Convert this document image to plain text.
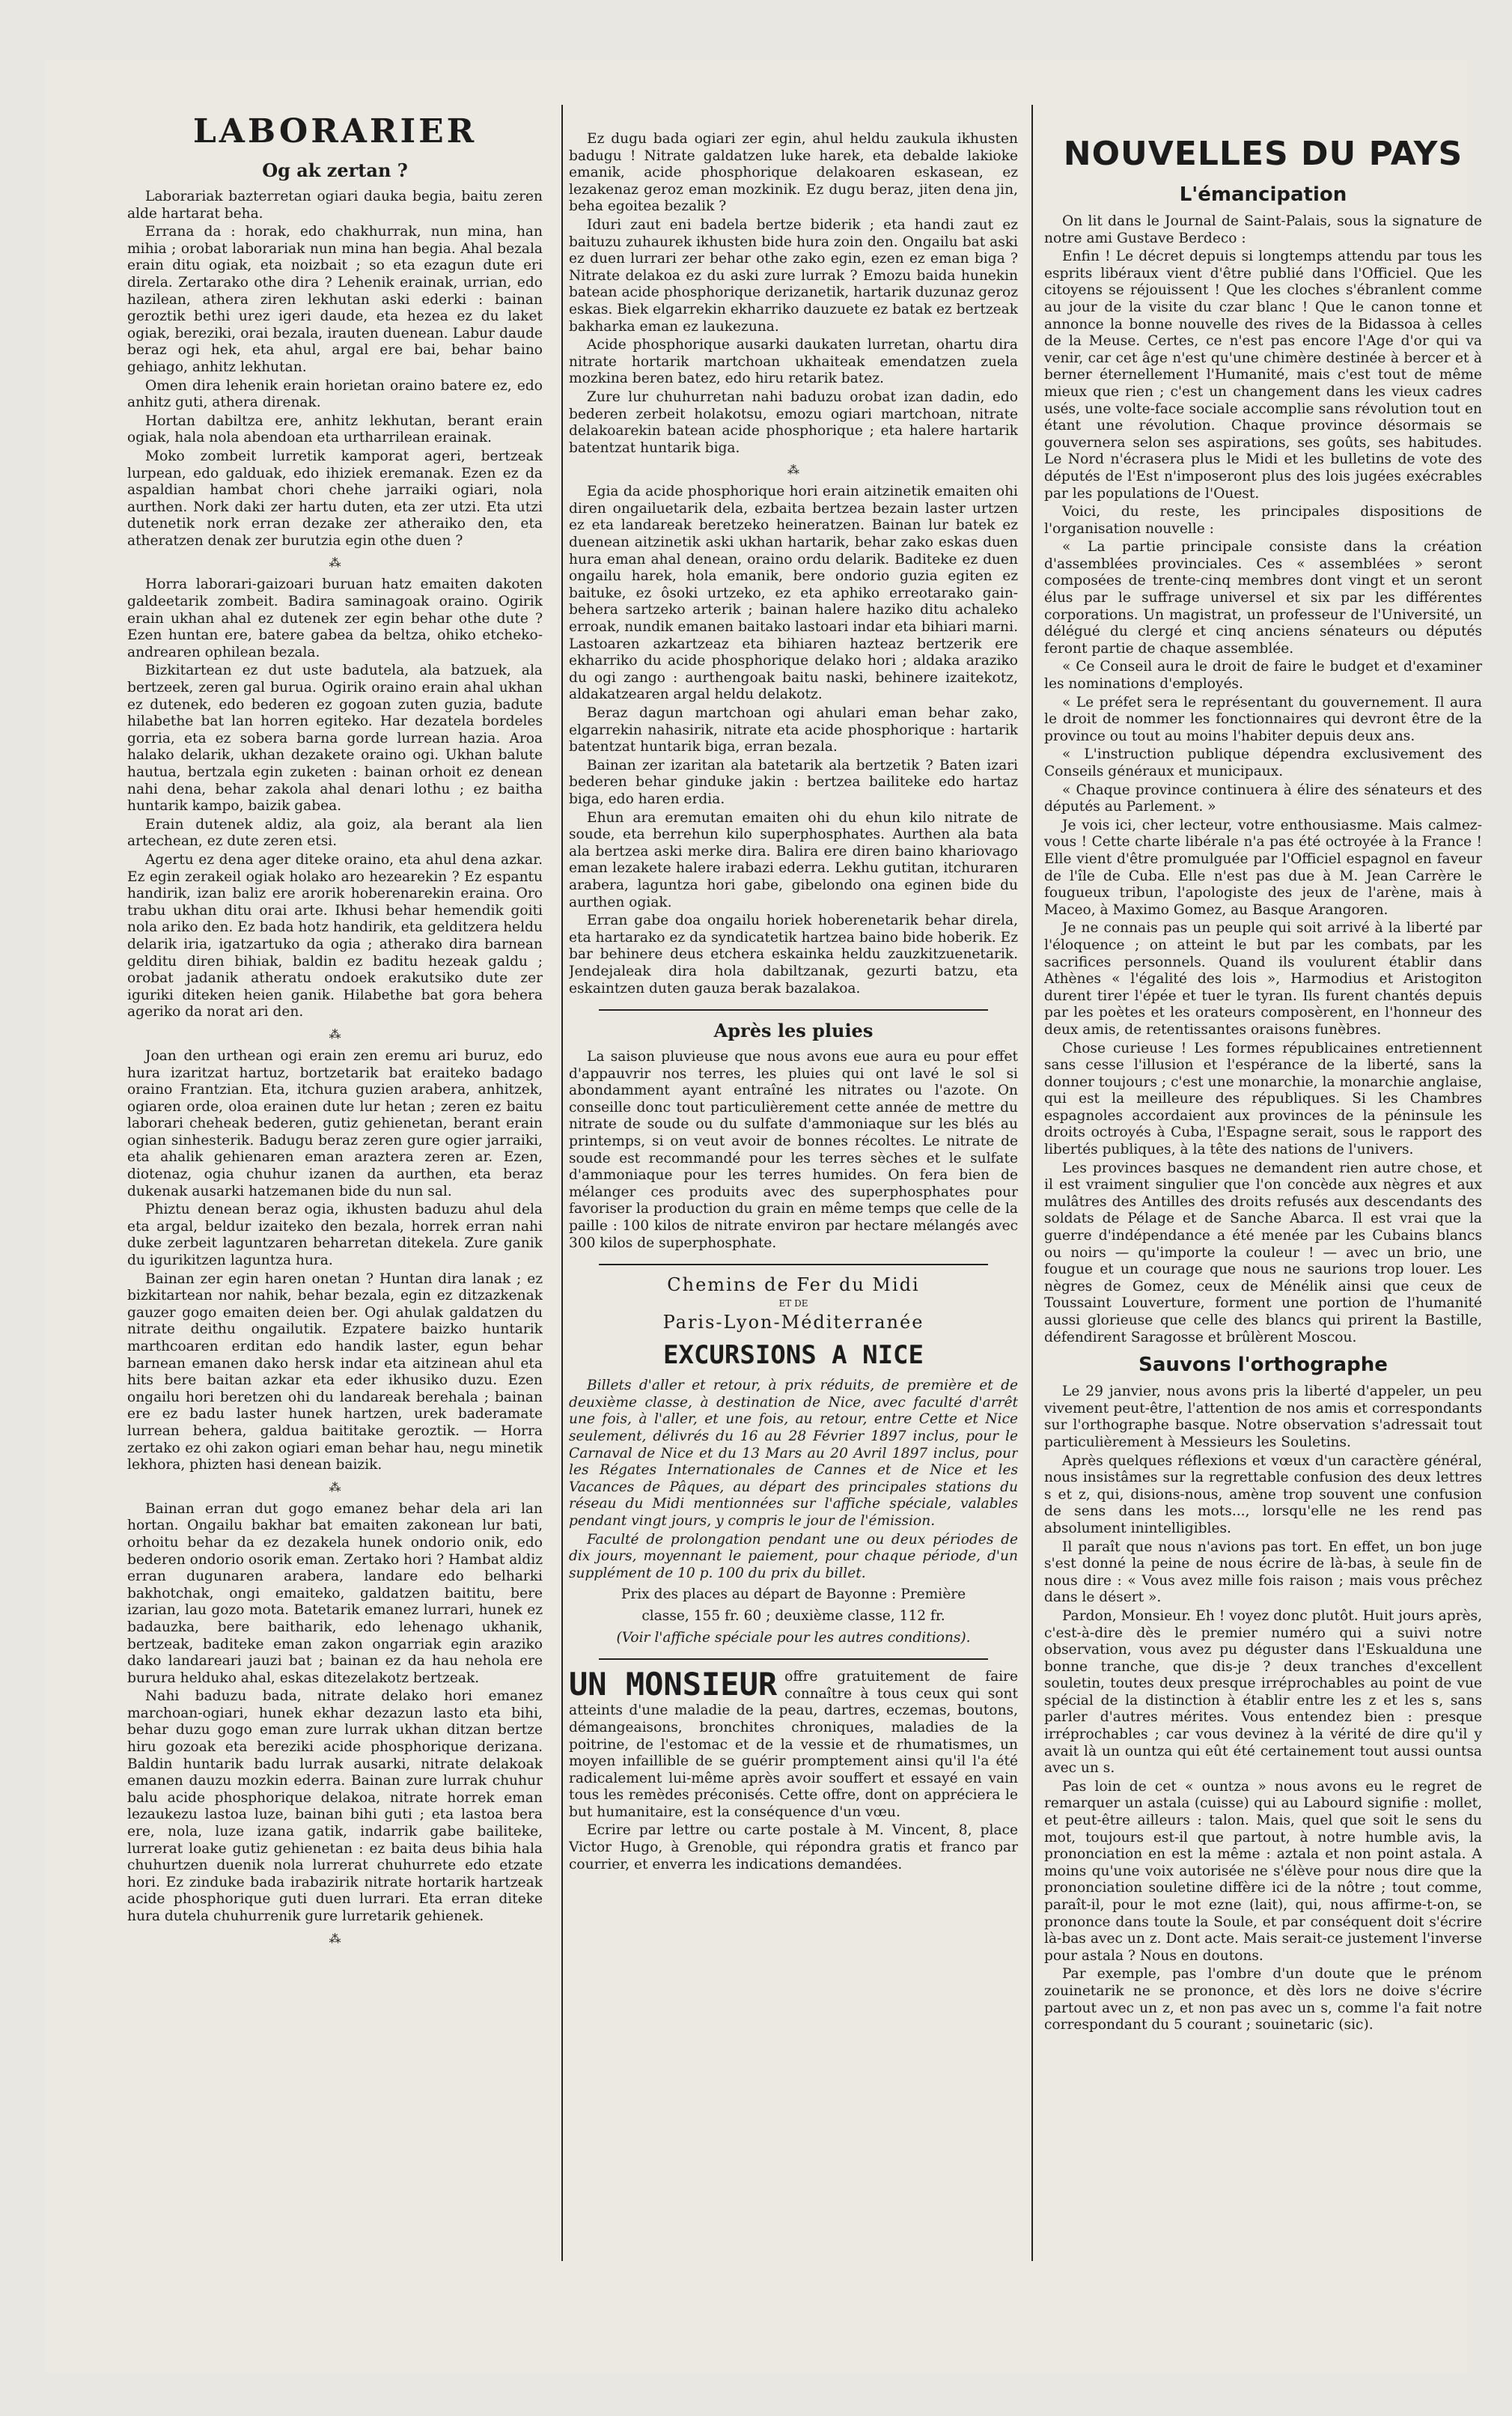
LABORARIER
Og ak zertan ?

Laborariak bazterretan ogiari dauka begia, baitu zeren alde hartarat beha.

Errana da : horak, edo chakhurrak, nun mina, han mihia ; orobat laborariak nun mina han begia. Ahal bezala erain ditu ogiak, eta noizbait ; so eta ezagun dute eri direla. Zertarako othe dira ? Lehenik erainak, urrian, edo hazilean, athera ziren lekhutan aski ederki : bainan geroztik bethi urez igeri daude, eta hezea ez du laket ogiak, bereziki, orai bezala, irauten duenean. Labur daude beraz ogi hek, eta ahul, argal ere bai, behar baino gehiago, anhitz lekhutan.

Omen dira lehenik erain horietan oraino batere ez, edo anhitz guti, athera direnak.

Hortan dabiltza ere, anhitz lekhutan, berant erain ogiak, hala nola abendoan eta urtharrilean erainak.

Moko zombeit lurretik kamporat ageri, bertzeak lurpean, edo galduak, edo ihiziek eremanak. Ezen ez da aspaldian hambat chori chehe jarraiki ogiari, nola aurthen. Nork daki zer hartu duten, eta zer utzi. Eta utzi dutenetik nork erran dezake zer atheraiko den, eta atheratzen denak zer burutzia egin othe duen ?

⁂

Horra laborari-gaizoari buruan hatz emaiten dakoten galdeetarik zombeit. Badira saminagoak oraino. Ogirik erain ukhan ahal ez dutenek zer egin behar othe dute ? Ezen huntan ere, batere gabea da beltza, ohiko etcheko-andrearen ophilean bezala.

Bizkitartean ez dut uste badutela, ala batzuek, ala bertzeek, zeren gal burua. Ogirik oraino erain ahal ukhan ez dutenek, edo bederen ez gogoan zuten guzia, badute hilabethe bat lan horren egiteko. Har dezatela bordeles gorria, eta ez sobera barna gorde lurrean hazia. Aroa halako delarik, ukhan dezakete oraino ogi. Ukhan balute hautua, bertzala egin zuketen : bainan orhoit ez denean nahi dena, behar zakola ahal denari lothu ; ez baitha huntarik kampo, baizik gabea.

Erain dutenek aldiz, ala goiz, ala berant ala lien artechean, ez dute zeren etsi.

Agertu ez dena ager diteke oraino, eta ahul dena azkar. Ez egin zerakeil ogiak holako aro hezearekin ? Ez espantu handirik, izan baliz ere arorik hoberenarekin eraina. Oro trabu ukhan ditu orai arte. Ikhusi behar hemendik goiti nola ariko den. Ez bada hotz handirik, eta gelditzera heldu delarik iria, igatzartuko da ogia ; atherako dira barnean gelditu diren bihiak, baldin ez baditu hezeak galdu ; orobat jadanik atheratu ondoek erakutsiko dute zer iguriki diteken heien ganik. Hilabethe bat gora behera ageriko da norat ari den.

⁂

Joan den urthean ogi erain zen eremu ari buruz, edo hura izaritzat hartuz, bortzetarik bat eraiteko badago oraino Frantzian. Eta, itchura guzien arabera, anhitzek, ogiaren orde, oloa erainen dute lur hetan ; zeren ez baitu laborari cheheak bederen, gutiz gehienetan, berant erain ogian sinhesterik. Badugu beraz zeren gure ogier jarraiki, eta ahalik gehienaren eman araztera zeren ar. Ezen, diotenaz, ogia chuhur izanen da aurthen, eta beraz dukenak ausarki hatzemanen bide du nun sal.

Phiztu denean beraz ogia, ikhusten baduzu ahul dela eta argal, beldur izaiteko den bezala, horrek erran nahi duke zerbeit laguntzaren beharretan ditekela. Zure ganik du igurikitzen laguntza hura.

Bainan zer egin haren onetan ? Huntan dira lanak ; ez bizkitartean nor nahik, behar bezala, egin ez ditzazkenak gauzer gogo emaiten deien ber. Ogi ahulak galdatzen du nitrate deithu ongailutik. Ezpatere baizko huntarik marthcoaren erditan edo handik laster, egun behar barnean emanen dako hersk indar eta aitzinean ahul eta hits bere baitan azkar eta eder ikhusiko duzu. Ezen ongailu hori beretzen ohi du landareak berehala ; bainan ere ez badu laster hunek hartzen, urek baderamate lurrean behera, galdua baititake geroztik. — Horra zertako ez ohi zakon ogiari eman behar hau, negu minetik lekhora, phizten hasi denean baizik.

⁂

Bainan erran dut gogo emanez behar dela ari lan hortan. Ongailu bakhar bat emaiten zakonean lur bati, orhoitu behar da ez dezakela hunek ondorio onik, edo bederen ondorio osorik eman. Zertako hori ? Hambat aldiz erran dugunaren arabera, landare edo belharki bakhotchak, ongi emaiteko, galdatzen baititu, bere izarian, lau gozo mota. Batetarik emanez lurrari, hunek ez badauzka, bere baitharik, edo lehenago ukhanik, bertzeak, baditeke eman zakon ongarriak egin araziko dako landareari jauzi bat ; bainan ez da hau nehola ere burura helduko ahal, eskas ditezelakotz bertzeak.

Nahi baduzu bada, nitrate delako hori emanez marchoan-ogiari, hunek ekhar dezazun lasto eta bihi, behar duzu gogo eman zure lurrak ukhan ditzan bertze hiru gozoak eta bereziki acide phosphorique derizana. Baldin huntarik badu lurrak ausarki, nitrate delakoak emanen dauzu mozkin ederra. Bainan zure lurrak chuhur balu acide phosphorique delakoa, nitrate horrek eman lezaukezu lastoa luze, bainan bihi guti ; eta lastoa bera ere, nola, luze izana gatik, indarrik gabe bailiteke, lurrerat loake gutiz gehienetan : ez baita deus bihia hala chuhurtzen duenik nola lurrerat chuhurrete edo etzate hori. Ez zinduke bada irabazirik nitrate hortarik hartzeak acide phosphorique guti duen lurrari. Eta erran diteke hura dutela chuhurrenik gure lurretarik gehienek.

⁂

Ez dugu bada ogiari zer egin, ahul heldu zaukula ikhusten badugu ! Nitrate galdatzen luke harek, eta debalde lakioke emanik, acide phosphorique delakoaren eskasean, ez lezakenaz geroz eman mozkinik. Ez dugu beraz, jiten dena jin, beha egoitea bezalik ?

Iduri zaut eni badela bertze biderik ; eta handi zaut ez baituzu zuhaurek ikhusten bide hura zoin den. Ongailu bat aski ez duen lurrari zer behar othe zako egin, ezen ez eman biga ? Nitrate delakoa ez du aski zure lurrak ? Emozu baida hunekin batean acide phosphorique derizanetik, hartarik duzunaz geroz eskas. Biek elgarrekin ekharriko dauzuete ez batak ez bertzeak bakharka eman ez laukezuna.

Acide phosphorique ausarki daukaten lurretan, ohartu dira nitrate hortarik martchoan ukhaiteak emendatzen zuela mozkina beren batez, edo hiru retarik batez.

Zure lur chuhurretan nahi baduzu orobat izan dadin, edo bederen zerbeit holakotsu, emozu ogiari martchoan, nitrate delakoarekin batean acide phosphorique ; eta halere hartarik batentzat huntarik biga.

⁂

Egia da acide phosphorique hori erain aitzinetik emaiten ohi diren ongailuetarik dela, ezbaita bertzea bezain laster urtzen ez eta landareak beretzeko heineratzen. Bainan lur batek ez duenean aitzinetik aski ukhan hartarik, behar zako eskas duen hura eman ahal denean, oraino ordu delarik. Baditeke ez duen ongailu harek, hola emanik, bere ondorio guzia egiten ez baituke, ez ôsoki urtzeko, ez eta aphiko erreotarako gain-behera sartzeko arterik ; bainan halere haziko ditu achaleko erroak, nundik emanen baitako lastoari indar eta bihiari marni. Lastoaren azkartzeaz eta bihiaren hazteaz bertzerik ere ekharriko du acide phosphorique delako hori ; aldaka araziko du ogi zango : aurthengoak baitu naski, behinere izaitekotz, aldakatzearen argal heldu delakotz.

Beraz dagun martchoan ogi ahulari eman behar zako, elgarrekin nahasirik, nitrate eta acide phosphorique : hartarik batentzat huntarik biga, erran bezala.

Bainan zer izaritan ala batetarik ala bertzetik ? Baten izari bederen behar ginduke jakin : bertzea bailiteke edo hartaz biga, edo haren erdia.

Ehun ara eremutan emaiten ohi du ehun kilo nitrate de soude, eta berrehun kilo superphosphates. Aurthen ala bata ala bertzea aski merke dira. Balira ere diren baino khariovago eman lezakete halere irabazi ederra. Lekhu gutitan, itchuraren arabera, laguntza hori gabe, gibelondo ona eginen bide du aurthen ogiak.

Erran gabe doa ongailu horiek hoberenetarik behar direla, eta hartarako ez da syndicatetik hartzea baino bide hoberik. Ez bar behinere deus etchera eskainka heldu zauzkitzuenetarik. Jendejaleak dira hola dabiltzanak, gezurti batzu, eta eskaintzen duten gauza berak bazalakoa.

Après les pluies

La saison pluvieuse que nous avons eue aura eu pour effet d'appauvrir nos terres, les pluies qui ont lavé le sol si abondamment ayant entraîné les nitrates ou l'azote. On conseille donc tout particulièrement cette année de mettre du nitrate de soude ou du sulfate d'ammoniaque sur les blés au printemps, si on veut avoir de bonnes récoltes. Le nitrate de soude est recommandé pour les terres sèches et le sulfate d'ammoniaque pour les terres humides. On fera bien de mélanger ces produits avec des superphosphates pour favoriser la production du grain en même temps que celle de la paille : 100 kilos de nitrate environ par hectare mélangés avec 300 kilos de superphosphate.

Chemins de Fer du Midi
ET DE
Paris-Lyon-Méditerranée
EXCURSIONS A NICE

Billets d'aller et retour, à prix réduits, de première et de deuxième classe, à destination de Nice, avec faculté d'arrêt une fois, à l'aller, et une fois, au retour, entre Cette et Nice seulement, délivrés du 16 au 28 Février 1897 inclus, pour le Carnaval de Nice et du 13 Mars au 20 Avril 1897 inclus, pour les Régates Internationales de Cannes et de Nice et les Vacances de Pâques, au départ des principales stations du réseau du Midi mentionnées sur l'affiche spéciale, valables pendant vingt jours, y compris le jour de l'émission.

Faculté de prolongation pendant une ou deux périodes de dix jours, moyennant le paiement, pour chaque période, d'un supplément de 10 p. 100 du prix du billet.

Prix des places au départ de Bayonne : Première
classe, 155 fr. 60 ; deuxième classe, 112 fr.
(Voir l'affiche spéciale pour les autres conditions).
UN MONSIEUR offre gratuitement de faire connaître à tous ceux qui sont atteints d'une maladie de la peau, dartres, eczemas, boutons, démangeaisons, bronchites chroniques, maladies de la poitrine, de l'estomac et de la vessie et de rhumatismes, un moyen infaillible de se guérir promptement ainsi qu'il l'a été radicalement lui-même après avoir souffert et essayé en vain tous les remèdes préconisés. Cette offre, dont on appréciera le but humanitaire, est la conséquence d'un vœu.

Ecrire par lettre ou carte postale à M. Vincent, 8, place Victor Hugo, à Grenoble, qui répondra gratis et franco par courrier, et enverra les indications demandées.

NOUVELLES DU PAYS
L'émancipation

On lit dans le Journal de Saint-Palais, sous la signature de notre ami Gustave Berdeco :

Enfin ! Le décret depuis si longtemps attendu par tous les esprits libéraux vient d'être publié dans l'Officiel. Que les citoyens se réjouissent ! Que les cloches s'ébranlent comme au jour de la visite du czar blanc ! Que le canon tonne et annonce la bonne nouvelle des rives de la Bidassoa à celles de la Meuse. Certes, ce n'est pas encore l'Age d'or qui va venir, car cet âge n'est qu'une chimère destinée à bercer et à berner éternellement l'Humanité, mais c'est tout de même mieux que rien ; c'est un changement dans les vieux cadres usés, une volte-face sociale accomplie sans révolution tout en étant une révolution. Chaque province désormais se gouvernera selon ses aspirations, ses goûts, ses habitudes. Le Nord n'écrasera plus le Midi et les bulletins de vote des députés de l'Est n'imposeront plus des lois jugées exécrables par les populations de l'Ouest.

Voici, du reste, les principales dispositions de l'organisation nouvelle :

« La partie principale consiste dans la création d'assemblées provinciales. Ces « assemblées » seront composées de trente-cinq membres dont vingt et un seront élus par le suffrage universel et six par les différentes corporations. Un magistrat, un professeur de l'Université, un délégué du clergé et cinq anciens sénateurs ou députés feront partie de chaque assemblée.

« Ce Conseil aura le droit de faire le budget et d'examiner les nominations d'employés.

« Le préfet sera le représentant du gouvernement. Il aura le droit de nommer les fonctionnaires qui devront être de la province ou tout au moins l'habiter depuis deux ans.

« L'instruction publique dépendra exclusivement des Conseils généraux et municipaux.

« Chaque province continuera à élire des sénateurs et des députés au Parlement. »

Je vois ici, cher lecteur, votre enthousiasme. Mais calmez-vous ! Cette charte libérale n'a pas été octroyée à la France ! Elle vient d'être promulguée par l'Officiel espagnol en faveur de l'île de Cuba. Elle n'est pas due à M. Jean Carrère le fougueux tribun, l'apologiste des jeux de l'arène, mais à Maceo, à Maximo Gomez, au Basque Arangoren.

Je ne connais pas un peuple qui soit arrivé à la liberté par l'éloquence ; on atteint le but par les combats, par les sacrifices personnels. Quand ils voulurent établir dans Athènes « l'égalité des lois », Harmodius et Aristogiton durent tirer l'épée et tuer le tyran. Ils furent chantés depuis par les poètes et les orateurs composèrent, en l'honneur des deux amis, de retentissantes oraisons funèbres.

Chose curieuse ! Les formes républicaines entretiennent sans cesse l'illusion et l'espérance de la liberté, sans la donner toujours ; c'est une monarchie, la monarchie anglaise, qui est la meilleure des républiques. Si les Chambres espagnoles accordaient aux provinces de la péninsule les droits octroyés à Cuba, l'Espagne serait, sous le rapport des libertés publiques, à la tête des nations de l'univers.

Les provinces basques ne demandent rien autre chose, et il est vraiment singulier que l'on concède aux nègres et aux mulâtres des Antilles des droits refusés aux descendants des soldats de Pélage et de Sanche Abarca. Il est vrai que la guerre d'indépendance a été menée par les Cubains blancs ou noirs — qu'importe la couleur ! — avec un brio, une fougue et un courage que nous ne saurions trop louer. Les nègres de Gomez, ceux de Ménélik ainsi que ceux de Toussaint Louverture, forment une portion de l'humanité aussi glorieuse que celle des blancs qui prirent la Bastille, défendirent Saragosse et brûlèrent Moscou.

Sauvons l'orthographe

Le 29 janvier, nous avons pris la liberté d'appeler, un peu vivement peut-être, l'attention de nos amis et correspondants sur l'orthographe basque. Notre observation s'adressait tout particulièrement à Messieurs les Souletins.

Après quelques réflexions et vœux d'un caractère général, nous insistâmes sur la regrettable confusion des deux lettres s et z, qui, disions-nous, amène trop souvent une confusion de sens dans les mots..., lorsqu'elle ne les rend pas absolument inintelligibles.

Il paraît que nous n'avions pas tort. En effet, un bon juge s'est donné la peine de nous écrire de là-bas, à seule fin de nous dire : « Vous avez mille fois raison ; mais vous prêchez dans le désert ».

Pardon, Monsieur. Eh ! voyez donc plutôt. Huit jours après, c'est-à-dire dès le premier numéro qui a suivi notre observation, vous avez pu déguster dans l'Eskualduna une bonne tranche, que dis-je ? deux tranches d'excellent souletin, toutes deux presque irréprochables au point de vue spécial de la distinction à établir entre les z et les s, sans parler d'autres mérites. Vous entendez bien : presque irréprochables ; car vous devinez à la vérité de dire qu'il y avait là un ountza qui eût été certainement tout aussi ountsa avec un s.

Pas loin de cet « ountza » nous avons eu le regret de remarquer un astala (cuisse) qui au Labourd signifie : mollet, et peut-être ailleurs : talon. Mais, quel que soit le sens du mot, toujours est-il que partout, à notre humble avis, la prononciation en est la même : aztala et non point astala. A moins qu'une voix autorisée ne s'élève pour nous dire que la prononciation souletine diffère ici de la nôtre ; tout comme, paraît-il, pour le mot ezne (lait), qui, nous affirme-t-on, se prononce dans toute la Soule, et par conséquent doit s'écrire là-bas avec un z. Dont acte. Mais serait-ce justement l'inverse pour astala ? Nous en doutons.

Par exemple, pas l'ombre d'un doute que le prénom zouinetarik ne se prononce, et dès lors ne doive s'écrire partout avec un z, et non pas avec un s, comme l'a fait notre correspondant du 5 courant ; souinetaric (sic).
